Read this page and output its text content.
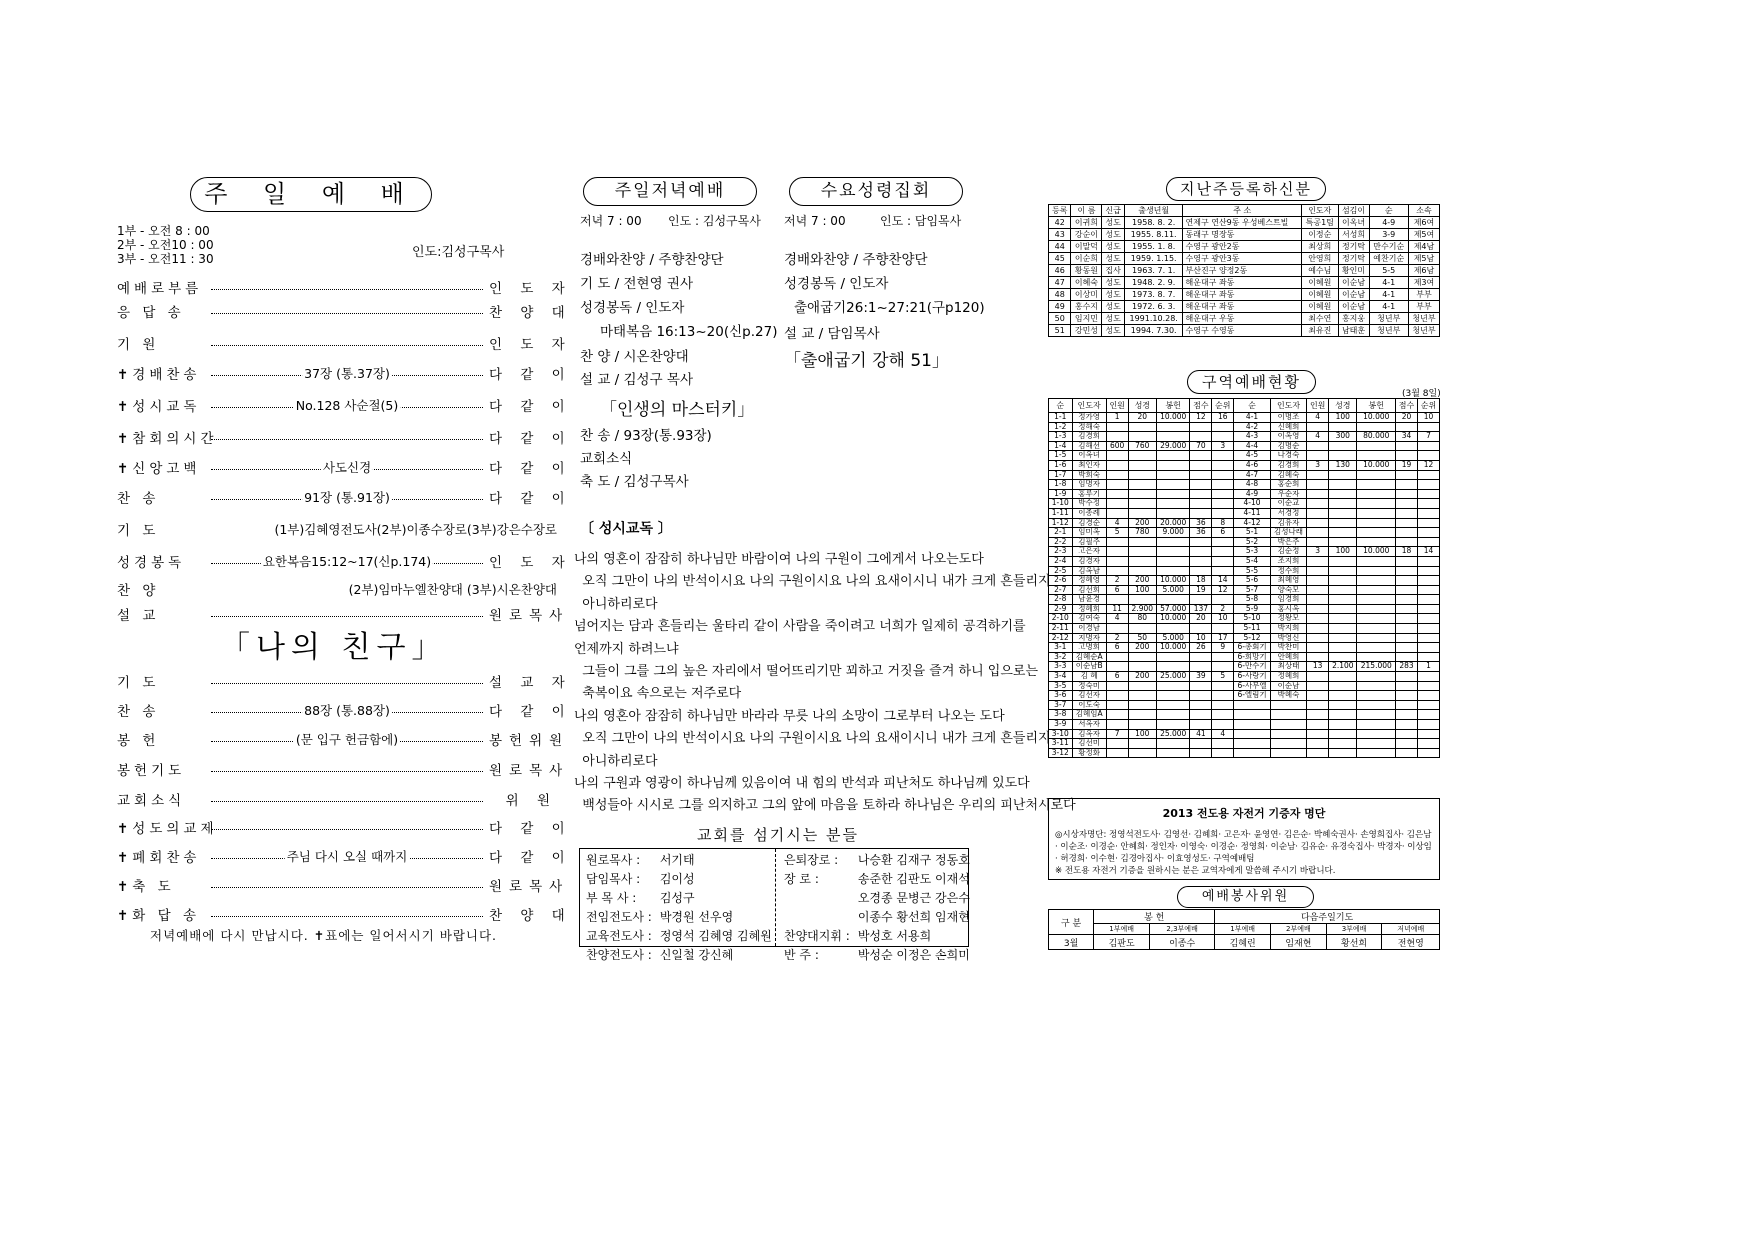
주 일 예 배
1부 - 오전 8 : 00
2부 - 오전10 : 00
3부 - 오전11 : 30	인도:김성구목사
예배로부름	인 도 자
응 답 송	찬 양 대
기 원	인 도 자
✝경배찬송	37장 (통.37장)	다 같 이
✝성시교독	No.128 사순절(5)	다 같 이
✝참회의시간	다 같 이
✝신앙고백	사도신경	다 같 이
찬 송	91장 (통.91장)	다 같 이
기 도	(1부)김혜영전도사(2부)이종수장로(3부)강은수장로
성경봉독	요한복음15:12~17(신p.174)	인 도 자
찬 양	(2부)임마누엘찬양대 (3부)시온찬양대
설 교	원로목사
기 도	설 교 자
찬 송	88장 (통.88장)	다 같 이
봉 헌	(문 입구 헌금함에)	봉헌위원
봉헌기도	원로목사
교회소식	위 원
✝성도의교제	다 같 이
✝폐회찬송	주님 다시 오실 때까지	다 같 이
✝축 도	원로목사
✝화 답 송	찬 양 대
「나의 친구」
저녁예배에 다시 만납시다. ✝표에는 일어서시기 바랍니다.
주일저녁예배
저녁 7 : 00 인도 : 김성구목사
경배와찬양 / 주향찬양단
기 도 / 전현영 권사
성경봉독 / 인도자
마태복음 16:13~20(신p.27)
찬 양 / 시온찬양대
설 교 / 김성구 목사
「인생의 마스터키」
찬 송 / 93장(통.93장)
교회소식
축 도 / 김성구목사
수요성령집회
저녁 7 : 00	인도 : 담임목사
경배와찬양 / 주향찬양단
성경봉독 / 인도자
출애굽기26:1~27:21(구p120)
설 교 / 담임목사
「출애굽기 강해 51」
〔 성시교독 〕
나의 영혼이 잠잠히 하나님만 바람이여 나의 구원이 그에게서 나오는도다
오직 그만이 나의 반석이시요 나의 구원이시요 나의 요새이시니 내가 크게 흔들리지
아니하리로다
넘어지는 담과 흔들리는 울타리 같이 사람을 죽이려고 너희가 일제히 공격하기를
언제까지 하려느냐
그들이 그를 그의 높은 자리에서 떨어뜨리기만 꾀하고 거짓을 즐겨 하니 입으로는
축복이요 속으로는 저주로다
나의 영혼아 잠잠히 하나님만 바라라 무릇 나의 소망이 그로부터 나오는 도다
오직 그만이 나의 반석이시요 나의 구원이시요 나의 요새이시니 내가 크게 흔들리지
아니하리로다
나의 구원과 영광이 하나님께 있음이여 내 힘의 반석과 피난처도 하나님께 있도다
백성들아 시시로 그를 의지하고 그의 앞에 마음을 토하라 하나님은 우리의 피난처시로다
교회를 섬기시는 분들
원로목사 :	서기태
담임목사 :	김이성
부 목 사 :	김성구
전임전도사 :	박경원 선우영
교육전도사 :	정영석 김혜영 김혜원
찬양전도사 :	신일철 강신혜
은퇴장로 :	나승환 김재구 정동호
장 로 :	송준한 김판도 이재석
	오경종 문병근 강은수
	이종수 황선희 임재현
찬양대지휘 :	박성호 서용희
반 주 :	박성순 이정은 손희미
지난주등록하신분
등록	이 름	신급	출생년월	주 소	인도자	섬김이	순	소속
42	이귀희	성도	1958. 8. 2.	연제구 연산9동 우성베스트빌	특공1팀	이옥녀	4-9	제6여
43	강순이	성도	1955. 8.11.	동래구 명장동	이정순	서성희	3-9	제5여
44	이말덕	성도	1955. 1. 8.	수영구 광안2동	최상희	정기탁	만수기순	제4남
45	이순희	성도	1959. 1.15.	수영구 광안3동	안영희	정기탁	예찬기순	제5남
46	황동원	집사	1963. 7. 1.	부산진구 양정2동	예수님	황인미	5-5	제6남
47	이혜숙	성도	1948. 2. 9.	해운대구 좌동	이혜원	이순남	4-1	제3여
48	이상미	성도	1973. 8. 7.	해운대구 좌동	이혜원	이순남	4-1	부부
49	홍수지	성도	1972. 6. 3.	해운대구 좌동	이혜원	이순남	4-1	부부
50	임지민	성도	1991.10.28.	해운대구 우동	최수연	홍지웅	청년부	청년부
51	강민성	성도	1994. 7.30.	수영구 수영동	최유진	남태훈	청년부	청년부
구역예배현황
(3월 8일)
순	인도자	인원	성경	봉헌	점수	순위	순	인도자	인원	성경	봉헌	점수	순위
1-1	정가영	1	20	10.000	12	16	4-1	이명조	4	100	10.000	20	10
1-2	정해숙						4-2	신혜희					
1-3	김경희						4-3	이옥영	4	300	80.000	34	7
1-4	김해선	600	760	29.000	70	3	4-4	김명순					
1-5	이옥녀						4-5	나경숙					
1-6	최인자						4-6	김경희	3	130	10.000	19	12
1-7	박희숙						4-7	김혜숙					
1-8	임명자						4-8	홍순희					
1-9	홍루기						4-9	우순자					
1-10	박수정						4-10	이순교					
1-11	이종례						4-11	서경정					
1-12	김경순	4	200	20.000	36	8	4-12	김유자					
2-1	임미옥	5	780	9.000	36	6	5-1	김성나래					
2-2	김필주						5-2	박은주					
2-3	고은자						5-3	김순정	3	100	10.000	18	14
2-4	김경자						5-4	조지희					
2-5	김옥남						5-5	정수희					
2-6	정혜영	2	200	10.000	18	14	5-6	최혜영					
2-7	김선희	6	100	5.000	19	12	5-7	양숙모					
2-8	남윤경						5-8	임경희					
2-9	정혜희	11	2.900	57.000	137	2	5-9	홍시옥					
2-10	김여숙	4	80	10.000	20	10	5-10	정왕모					
2-11	이경남						5-11	박지희					
2-12	지명자	2	50	5.000	10	17	5-12	박영신					
3-1	고명희	6	200	10.000	26	9	6-총회기	박찬미					
3-2	김혜순A						6-희망기	안혜희					
3-3	이순남B						6-만수기	최상태	13	2.100	215.000	283	1
3-4	김 혜	6	200	25.000	39	5	6-사랑기	정혜희					
3-5	정숙미						6-사무엘	이순남					
3-6	김선자						6-엘림기	박혜숙					
3-7	이도숙												
3-8	김혜임A												
3-9	서옥자												
3-10	김옥자	7	100	25.000	41	4							
3-11	김선미												
3-12	황정화												
2013 전도용 자전거 기증자 명단
◎시상자명단: 정영석전도사· 김영선· 김혜희· 고은자· 윤영연· 김은순· 박혜숙권사· 손영희집사· 김은남· 이순조· 이경순· 안혜희· 정인자· 이영숙· 이경순· 정영희· 이순남· 김유순· 유경숙집사· 박경자· 이상임· 허경희· 이수현· 김경아집사· 이효영성도· 구역예배팀
※ 전도용 자전거 기증을 원하시는 분은 교역자에게 말씀해 주시기 바랍니다.
예배봉사위원
구 분	봉 헌		다음주일기도			
	1부예배	2,3부예배	1부예배	2부예배	3부예배	저녁예배
3월	김판도	이종수	김혜린	임재현	황선희	전현영
